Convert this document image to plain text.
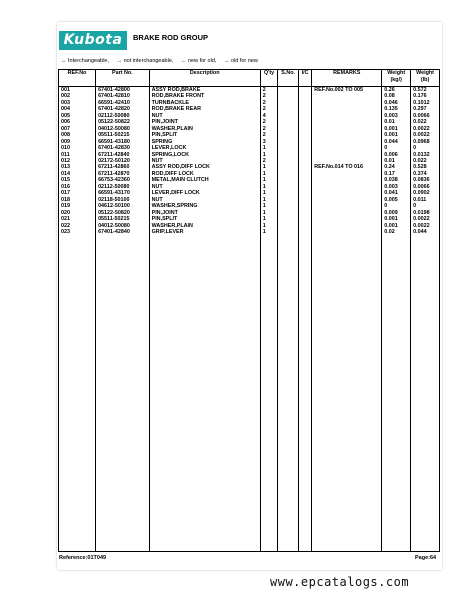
Kubota	BRAKE ROD GROUP
↔ Interchangeable, → not interchangeable, ← new for old, → old for new
REF.No	Part No.	Description	Q'ty	S.No.	I/C	REMARKS	Weight (kg/)	Weight (lb)
001	67401-42800	ASSY ROD,BRAKE	2			REF.No.002 TO 005	0.26	0.572
002	67401-42810	ROD,BRAKE FRONT	2				0.08	0.176
003	66591-42410	TURNBACKLE	2				0.046	0.1012
004	67401-42820	ROD,BRAKE REAR	2				0.135	0.297
005	02112-50080	NUT	4				0.003	0.0066
006	05122-50822	PIN,JOINT	2				0.01	0.022
007	04012-50080	WASHER,PLAIN	2				0.001	0.0022
008	05511-50215	PIN,SPLIT	2				0.001	0.0022
009	66591-43180	SPRING	3				0.044	0.0968
010	67401-42830	LEVER,LOCK	1				0	0
011	67211-42840	SPRING,LOCK	1				0.006	0.0132
012	02172-50120	NUT	2				0.01	0.022
013	67211-42860	ASSY ROD,DIFF LOCK	1			REF.No.014 TO 016	0.24	0.528
014	67211-42870	ROD,DIFF LOCK	1				0.17	0.374
015	66753-42360	METAL,MAIN CLUTCH	1				0.038	0.0836
016	02112-50080	NUT	1				0.003	0.0066
017	66591-43170	LEVER,DIFF LOCK	1				0.041	0.0902
018	02118-50100	NUT	1				0.005	0.011
019	04612-50100	WASHER,SPRING	1				0	0
020	05122-50820	PIN,JOINT	1				0.009	0.0198
021	05511-50215	PIN,SPLIT	1				0.001	0.0022
022	04012-50080	WASHER,PLAIN	1				0.001	0.0022
023	67401-42840	GRIP,LEVER	1				0.02	0.044

Reference:01T049	Page:64
www.epcatalogs.com
